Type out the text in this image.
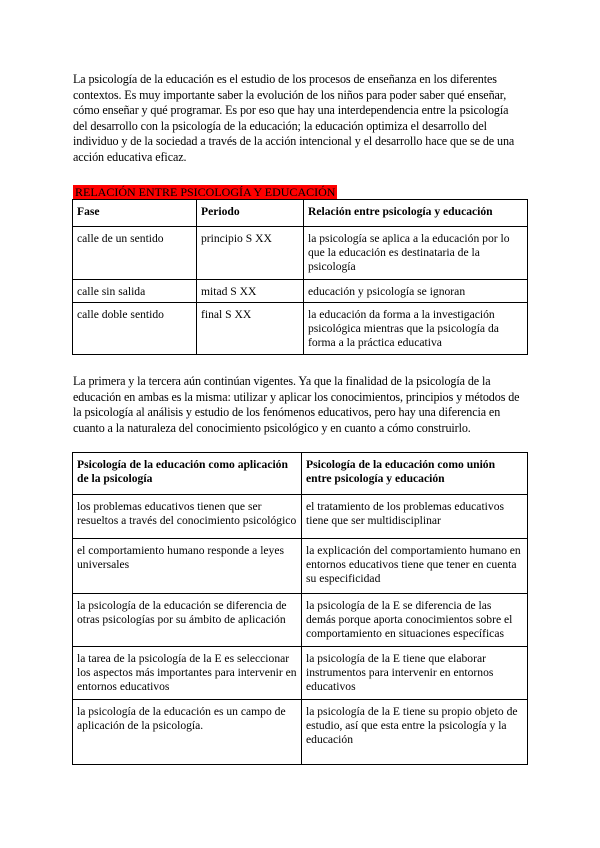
La psicología de la educación es el estudio de los procesos de enseñanza en los diferentes contextos. Es muy importante saber la evolución de los niños para poder saber qué enseñar, cómo enseñar y qué programar. Es por eso que hay una interdependencia entre la psicología del desarrollo con la psicología de la educación; la educación optimiza el desarrollo del individuo y de la sociedad a través de la acción intencional y el desarrollo hace que se de una acción educativa eficaz.
RELACIÓN ENTRE PSICOLOGÍA Y EDUCACIÓN
Fase	Periodo	Relación entre psicología y educación
calle de un sentido	principio S XX	la psicología se aplica a la educación por lo que la educación es destinataria de la psicología
calle sin salida	mitad S XX	educación y psicología se ignoran
calle doble sentido	final S XX	la educación da forma a la investigación psicológica mientras que la psicología da forma a la práctica educativa
La primera y la tercera aún continúan vigentes. Ya que la finalidad de la psicología de la educación en ambas es la misma: utilizar y aplicar los conocimientos, principios y métodos de la psicología al análisis y estudio de los fenómenos educativos, pero hay una diferencia en cuanto a la naturaleza del conocimiento psicológico y en cuanto a cómo construirlo.
Psicología de la educación como aplicación de la psicología	Psicología de la educación como unión entre psicología y educación
los problemas educativos tienen que ser resueltos a través del conocimiento psicológico	el tratamiento de los problemas educativos tiene que ser multidisciplinar
el comportamiento humano responde a leyes universales	la explicación del comportamiento humano en entornos educativos tiene que tener en cuenta su especificidad
la psicología de la educación se diferencia de otras psicologías por su ámbito de aplicación	la psicología de la E se diferencia de las demás porque aporta conocimientos sobre el comportamiento en situaciones específicas
la tarea de la psicología de la E es seleccionar los aspectos más importantes para intervenir en entornos educativos	la psicología de la E tiene que elaborar instrumentos para intervenir en entornos educativos
la psicología de la educación es un campo de aplicación de la psicología.	la psicología de la E tiene su propio objeto de estudio, así que esta entre la psicología y la educación
